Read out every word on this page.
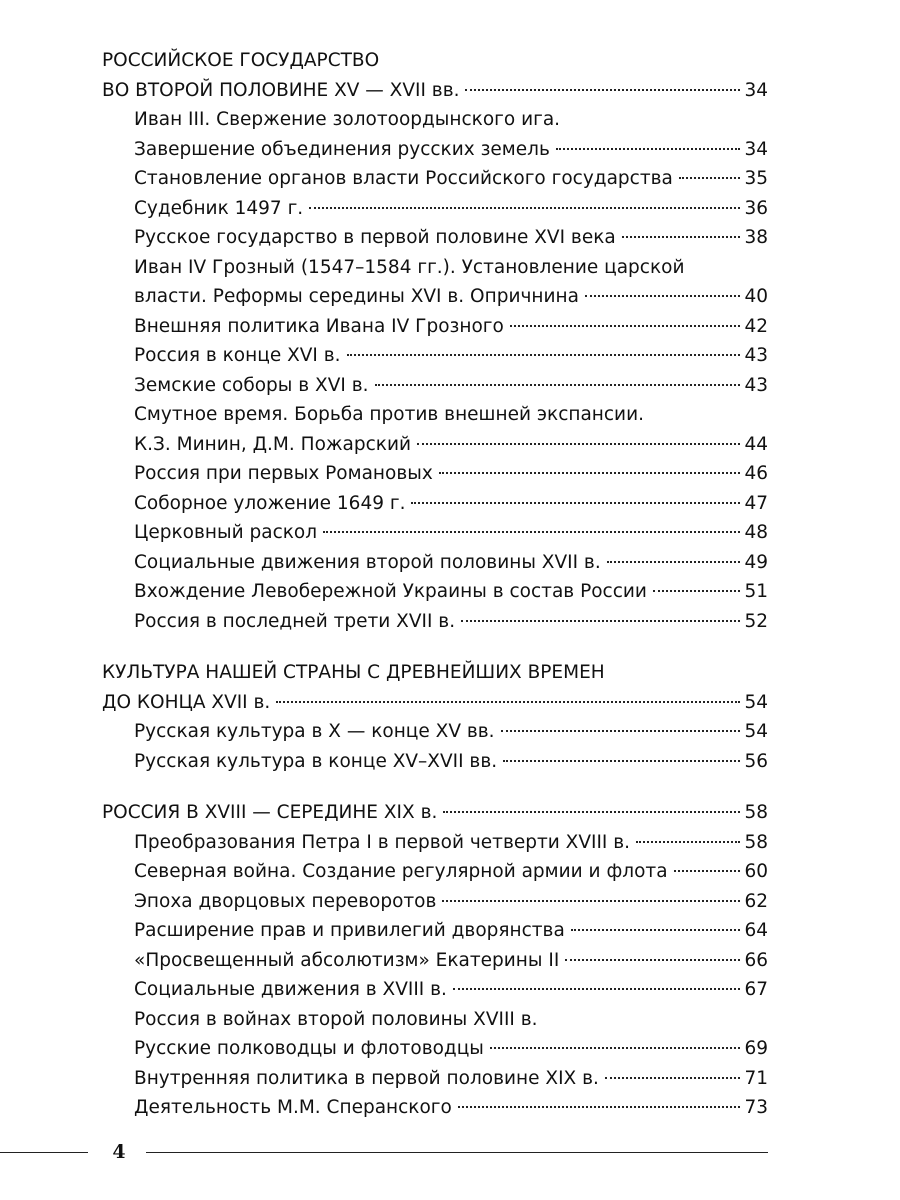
РОССИЙСКОЕ ГОСУДАРСТВО
ВО ВТОРОЙ ПОЛОВИНЕ XV — XVII вв.	34
Иван III. Свержение золотоордынского ига.
Завершение объединения русских земель	34
Становление органов власти Российского государства	35
Судебник 1497 г.	36
Русское государство в первой половине XVI века	38
Иван IV Грозный (1547–1584 гг.). Установление царской
власти. Реформы середины XVI в. Опричнина	40
Внешняя политика Ивана IV Грозного	42
Россия в конце XVI в.	43
Земские соборы в XVI в.	43
Смутное время. Борьба против внешней экспансии.
К.З. Минин, Д.М. Пожарский	44
Россия при первых Романовых	46
Соборное уложение 1649 г.	47
Церковный раскол	48
Социальные движения второй половины XVII в.	49
Вхождение Левобережной Украины в состав России	51
Россия в последней трети XVII в.	52
КУЛЬТУРА НАШЕЙ СТРАНЫ С ДРЕВНЕЙШИХ ВРЕМЕН
ДО КОНЦА XVII в.	54
Русская культура в X — конце XV вв.	54
Русская культура в конце XV–XVII вв.	56
РОССИЯ В XVIII — СЕРЕДИНЕ XIX в.	58
Преобразования Петра I в первой четверти XVIII в.	58
Северная война. Создание регулярной армии и флота	60
Эпоха дворцовых переворотов	62
Расширение прав и привилегий дворянства	64
«Просвещенный абсолютизм» Екатерины II	66
Социальные движения в XVIII в.	67
Россия в войнах второй половины XVIII в.
Русские полководцы и флотоводцы	69
Внутренняя политика в первой половине XIX в.	71
Деятельность М.М. Сперанского	73
4
